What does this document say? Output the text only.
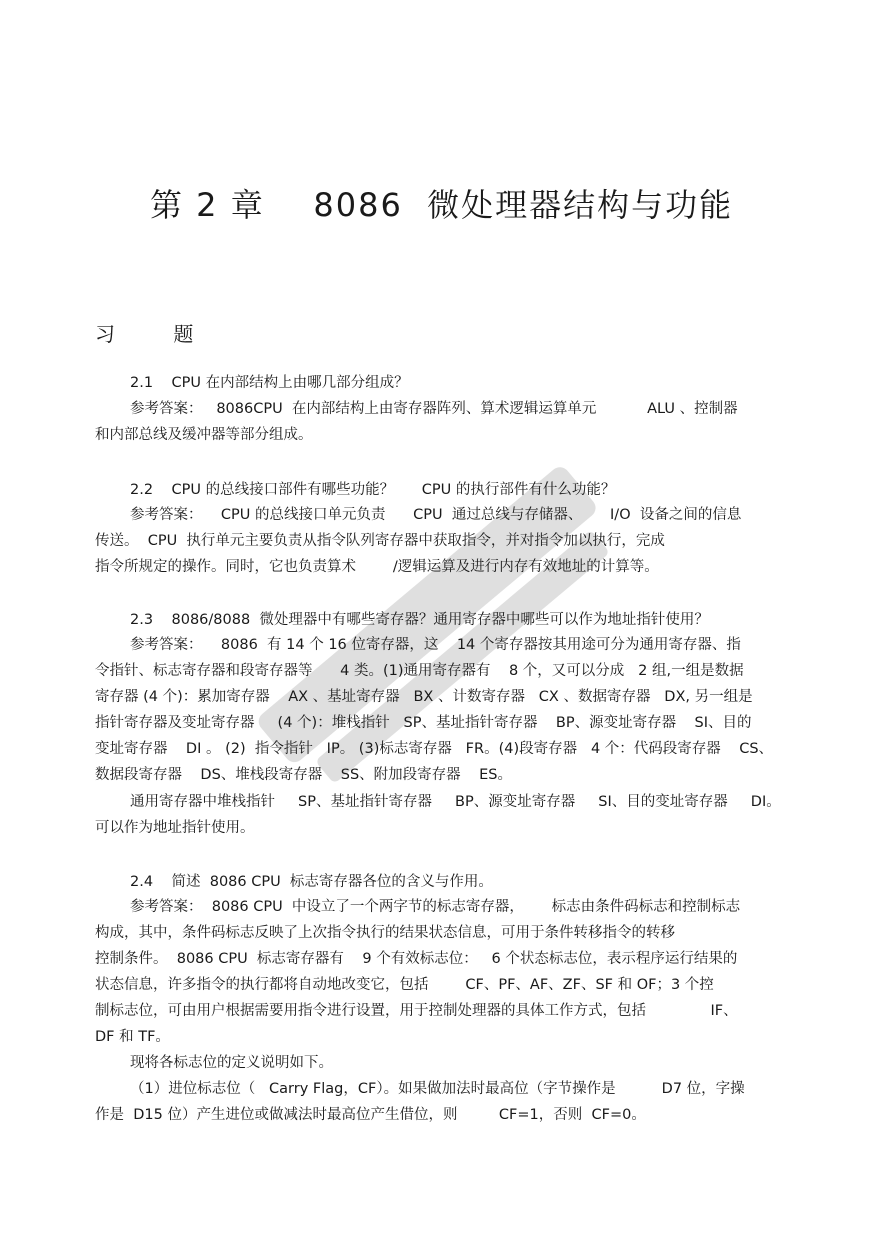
第 2 章    8086  微处理器结构与功能
习 题
2.1    CPU 在内部结构上由哪几部分组成？
参考答案：   8086CPU  在内部结构上由寄存器阵列、算术逻辑运算单元           ALU 、控制器
和内部总线及缓冲器等部分组成。
2.2    CPU 的总线接口部件有哪些功能？      CPU 的执行部件有什么功能？
参考答案：    CPU 的总线接口单元负责      CPU  通过总线与存储器、      I/O  设备之间的信息
传送。  CPU  执行单元主要负责从指令队列寄存器中获取指令，并对指令加以执行，完成
指令所规定的操作。同时，它也负责算术        /逻辑运算及进行内存有效地址的计算等。
2.3    8086/8088  微处理器中有哪些寄存器？通用寄存器中哪些可以作为地址指针使用？
参考答案：    8086  有 14 个 16 位寄存器，这    14 个寄存器按其用途可分为通用寄存器、指
令指针、标志寄存器和段寄存器等      4 类。(1)通用寄存器有    8 个，又可以分成   2 组,一组是数据
寄存器 (4 个)：累加寄存器    AX 、基址寄存器   BX 、计数寄存器   CX 、数据寄存器   DX, 另一组是
指针寄存器及变址寄存器     (4 个)：堆栈指针   SP、基址指针寄存器    BP、源变址寄存器    SI、目的
变址寄存器    DI 。 (2)  指令指针   IP。 (3)标志寄存器   FR。(4)段寄存器   4 个：代码段寄存器    CS、
数据段寄存器    DS、堆栈段寄存器    SS、附加段寄存器    ES。
通用寄存器中堆栈指针     SP、基址指针寄存器     BP、源变址寄存器     SI、目的变址寄存器     DI。
可以作为地址指针使用。
2.4    简述  8086 CPU  标志寄存器各位的含义与作用。
参考答案：  8086 CPU  中设立了一个两字节的标志寄存器，      标志由条件码标志和控制标志
构成，其中，条件码标志反映了上次指令执行的结果状态信息，可用于条件转移指令的转移
控制条件。  8086 CPU  标志寄存器有    9 个有效标志位：   6 个状态标志位，表示程序运行结果的
状态信息，许多指令的执行都将自动地改变它，包括        CF、PF、AF、ZF、SF 和 OF；3 个控
制标志位，可由用户根据需要用指令进行设置，用于控制处理器的具体工作方式，包括              IF、
DF 和 TF。
现将各标志位的定义说明如下。
（1）进位标志位（   Carry Flag，CF）。如果做加法时最高位（字节操作是          D7 位，字操
作是  D15 位）产生进位或做减法时最高位产生借位，则         CF=1，否则  CF=0。
